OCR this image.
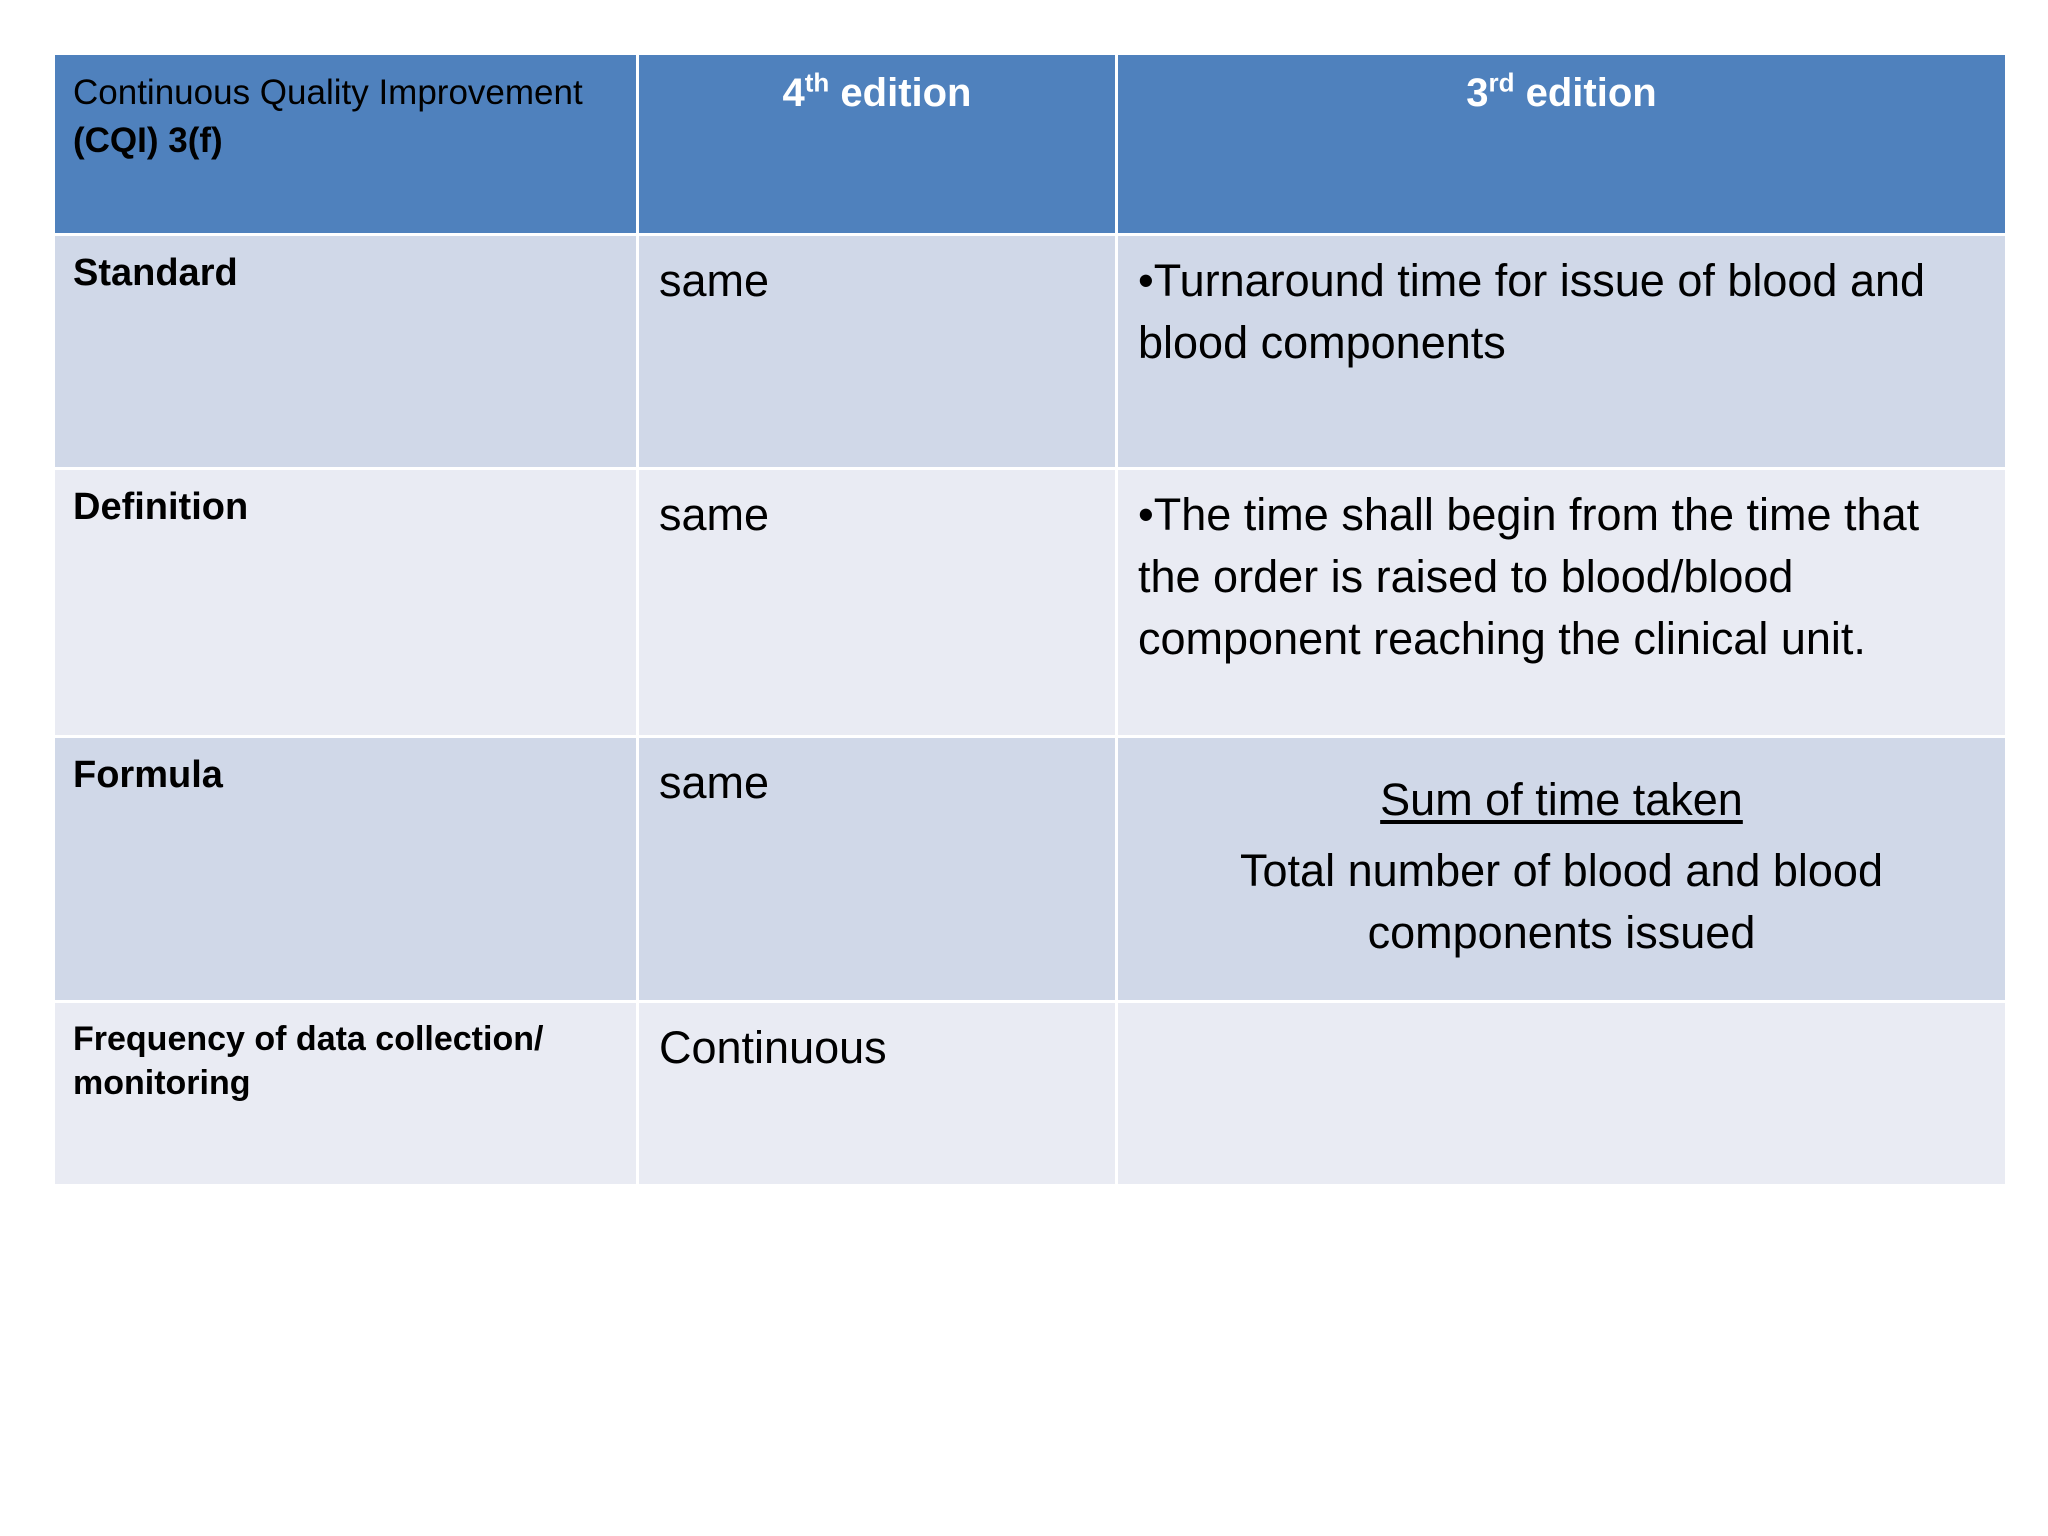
Continuous Quality Improvement
(CQI) 3(f)	4th edition	3rd edition
Standard	same	•Turnaround time for issue of blood and blood components
Definition	same	•The time shall begin from the time that the order is raised to blood/blood component reaching the clinical unit.
Formula	same	Sum of time taken
Total number of blood and blood components issued

Frequency of data collection/ monitoring	Continuous	
